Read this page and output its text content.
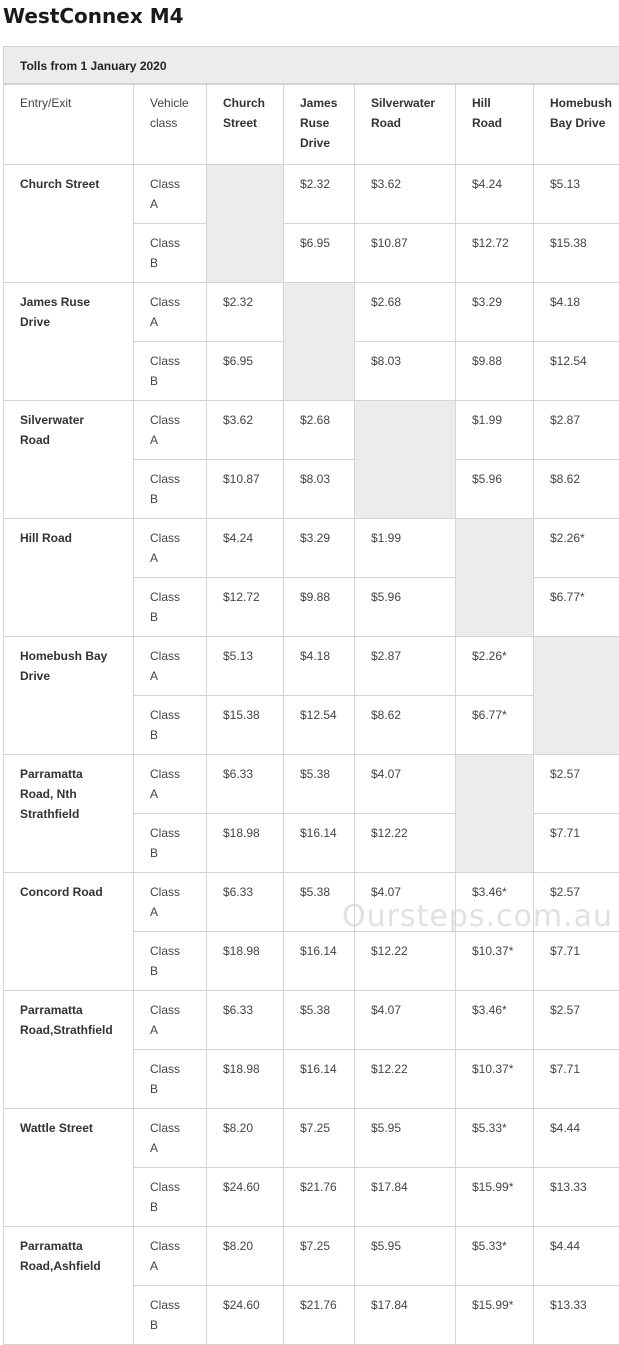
WestConnex M4
Tolls from 1 January 2020
Entry/Exit	Vehicle class	Church Street	James Ruse Drive	Silverwater Road	Hill Road	Homebush Bay Drive
Church Street	Class A		$2.32	$3.62	$4.24	$5.13
	Class B		$6.95	$10.87	$12.72	$15.38
James Ruse Drive	Class A	$2.32		$2.68	$3.29	$4.18
	Class B	$6.95		$8.03	$9.88	$12.54
Silverwater Road	Class A	$3.62	$2.68		$1.99	$2.87
	Class B	$10.87	$8.03		$5.96	$8.62
Hill Road	Class A	$4.24	$3.29	$1.99		$2.26*
	Class B	$12.72	$9.88	$5.96		$6.77*
Homebush Bay Drive	Class A	$5.13	$4.18	$2.87	$2.26*	
	Class B	$15.38	$12.54	$8.62	$6.77*	
Parramatta Road, Nth Strathfield	Class A	$6.33	$5.38	$4.07		$2.57
	Class B	$18.98	$16.14	$12.22		$7.71
Concord Road	Class A	$6.33	$5.38	$4.07	$3.46*	$2.57
	Class B	$18.98	$16.14	$12.22	$10.37*	$7.71
Parramatta Road,Strathfield	Class A	$6.33	$5.38	$4.07	$3.46*	$2.57
	Class B	$18.98	$16.14	$12.22	$10.37*	$7.71
Wattle Street	Class A	$8.20	$7.25	$5.95	$5.33*	$4.44
	Class B	$24.60	$21.76	$17.84	$15.99*	$13.33
Parramatta Road,Ashfield	Class A	$8.20	$7.25	$5.95	$5.33*	$4.44
	Class B	$24.60	$21.76	$17.84	$15.99*	$13.33
Oursteps.com.au
